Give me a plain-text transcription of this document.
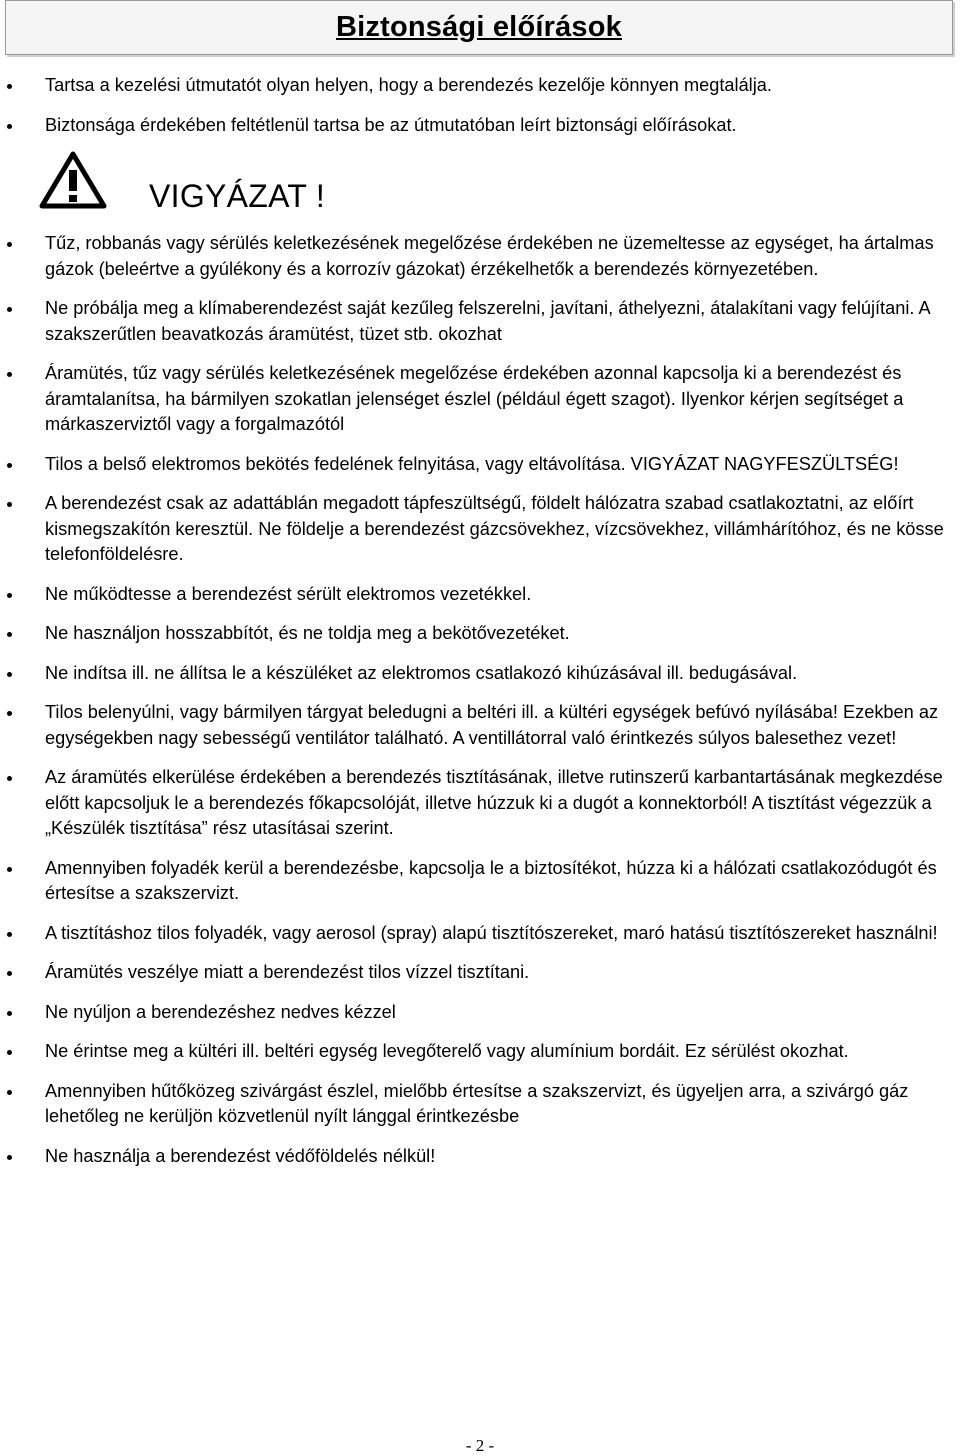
Biztonsági előírások
Tartsa a kezelési útmutatót olyan helyen, hogy a berendezés kezelője könnyen megtalálja.
Biztonsága érdekében feltétlenül tartsa be az útmutatóban leírt biztonsági előírásokat.
VIGYÁZAT !
Tűz, robbanás vagy sérülés keletkezésének megelőzése érdekében ne üzemeltesse az egységet, ha ártalmas gázok (beleértve a gyúlékony és a korrozív gázokat) érzékelhetők a berendezés környezetében.
Ne próbálja meg a klímaberendezést saját kezűleg felszerelni, javítani, áthelyezni, átalakítani vagy felújítani. A szakszerűtlen beavatkozás áramütést, tüzet stb. okozhat
Áramütés, tűz vagy sérülés keletkezésének megelőzése érdekében azonnal kapcsolja ki a berendezést és áramtalanítsa, ha bármilyen szokatlan jelenséget észlel (például égett szagot). Ilyenkor kérjen segítséget a márkaszerviztől vagy a forgalmazótól
Tilos a belső elektromos bekötés fedelének felnyitása, vagy eltávolítása. VIGYÁZAT NAGYFESZÜLTSÉG!
A berendezést csak az adattáblán megadott tápfeszültségű, földelt hálózatra szabad csatlakoztatni, az előírt kismegszakítón keresztül. Ne földelje a berendezést gázcsövekhez, vízcsövekhez, villámhárítóhoz, és ne kösse telefonföldelésre.
Ne működtesse a berendezést sérült elektromos vezetékkel.
Ne használjon hosszabbítót, és ne toldja meg a bekötővezetéket.
Ne indítsa ill. ne állítsa le a készüléket az elektromos csatlakozó kihúzásával ill. bedugásával.
Tilos belenyúlni, vagy bármilyen tárgyat beledugni a beltéri ill. a kültéri egységek befúvó nyílásába! Ezekben az egységekben nagy sebességű ventilátor található. A ventillátorral való érintkezés súlyos balesethez vezet!
Az áramütés elkerülése érdekében a berendezés tisztításának, illetve rutinszerű karbantartásának megkezdése előtt kapcsoljuk le a berendezés főkapcsolóját, illetve húzzuk ki a dugót a konnektorból! A tisztítást végezzük a „Készülék tisztítása” rész utasításai szerint.
Amennyiben folyadék kerül a berendezésbe, kapcsolja le a biztosítékot, húzza ki a hálózati csatlakozódugót és értesítse a szakszervizt.
A tisztításhoz tilos folyadék, vagy aerosol (spray) alapú tisztítószereket, maró hatású tisztítószereket használni!
Áramütés veszélye miatt a berendezést tilos vízzel tisztítani.
Ne nyúljon a berendezéshez nedves kézzel
Ne érintse meg a kültéri ill. beltéri egység levegőterelő vagy alumínium bordáit. Ez sérülést okozhat.
Amennyiben hűtőközeg szivárgást észlel, mielőbb értesítse a szakszervizt, és ügyeljen arra, a szivárgó gáz lehetőleg ne kerüljön közvetlenül nyílt lánggal érintkezésbe
Ne használja a berendezést védőföldelés nélkül!
- 2 -
